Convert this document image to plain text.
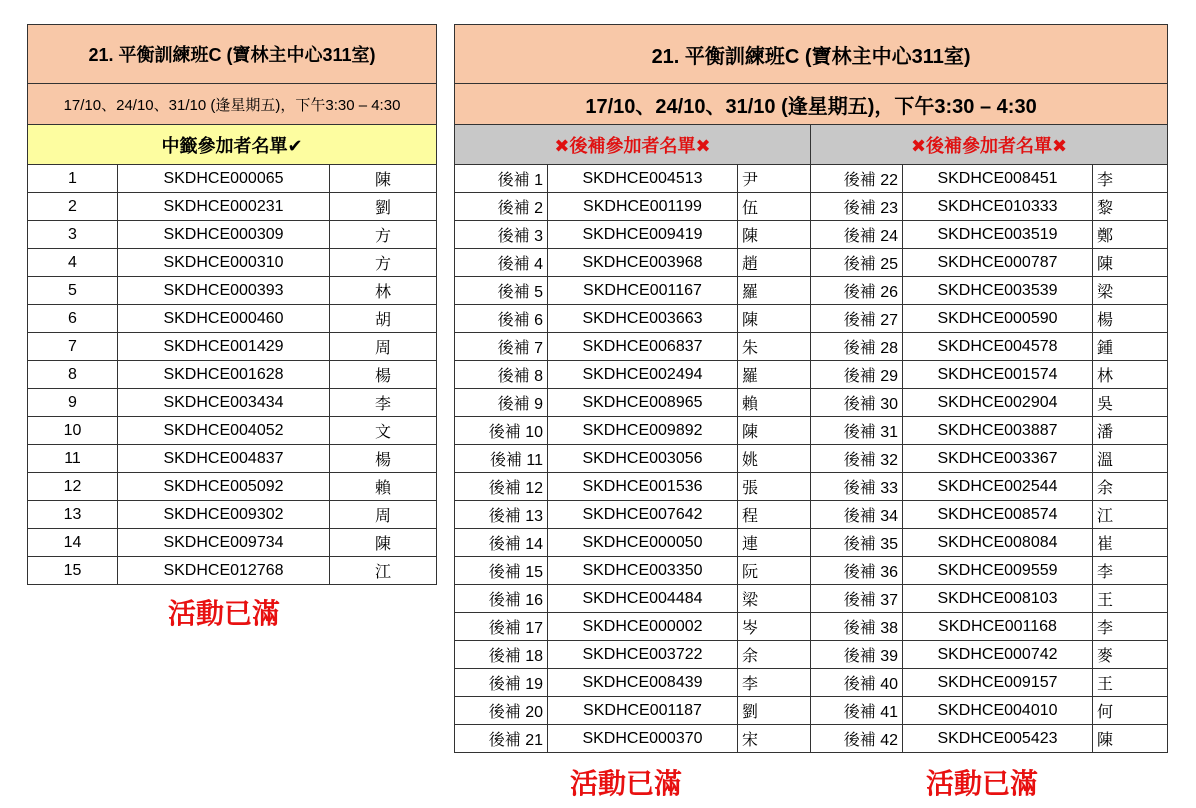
21. 平衡訓練班C (寶林主中心311室)		
17/10、24/10、31/10 (逢星期五)，下午3:30 – 4:30		
中籤參加者名單✔		
1	SKDHCE000065	陳
2	SKDHCE000231	劉
3	SKDHCE000309	方
4	SKDHCE000310	方
5	SKDHCE000393	林
6	SKDHCE000460	胡
7	SKDHCE001429	周
8	SKDHCE001628	楊
9	SKDHCE003434	李
10	SKDHCE004052	文
11	SKDHCE004837	楊
12	SKDHCE005092	賴
13	SKDHCE009302	周
14	SKDHCE009734	陳
15	SKDHCE012768	江
活動已滿
21. 平衡訓練班C (寶林主中心311室)					
17/10、24/10、31/10 (逢星期五)，下午3:30 – 4:30					
✖後補參加者名單✖			✖後補參加者名單✖		
後補 1	SKDHCE004513	尹	後補 22	SKDHCE008451	李
後補 2	SKDHCE001199	伍	後補 23	SKDHCE010333	黎
後補 3	SKDHCE009419	陳	後補 24	SKDHCE003519	鄭
後補 4	SKDHCE003968	趙	後補 25	SKDHCE000787	陳
後補 5	SKDHCE001167	羅	後補 26	SKDHCE003539	梁
後補 6	SKDHCE003663	陳	後補 27	SKDHCE000590	楊
後補 7	SKDHCE006837	朱	後補 28	SKDHCE004578	鍾
後補 8	SKDHCE002494	羅	後補 29	SKDHCE001574	林
後補 9	SKDHCE008965	賴	後補 30	SKDHCE002904	吳
後補 10	SKDHCE009892	陳	後補 31	SKDHCE003887	潘
後補 11	SKDHCE003056	姚	後補 32	SKDHCE003367	溫
後補 12	SKDHCE001536	張	後補 33	SKDHCE002544	余
後補 13	SKDHCE007642	程	後補 34	SKDHCE008574	江
後補 14	SKDHCE000050	連	後補 35	SKDHCE008084	崔
後補 15	SKDHCE003350	阮	後補 36	SKDHCE009559	李
後補 16	SKDHCE004484	梁	後補 37	SKDHCE008103	王
後補 17	SKDHCE000002	岑	後補 38	SKDHCE001168	李
後補 18	SKDHCE003722	余	後補 39	SKDHCE000742	麥
後補 19	SKDHCE008439	李	後補 40	SKDHCE009157	王
後補 20	SKDHCE001187	劉	後補 41	SKDHCE004010	何
後補 21	SKDHCE000370	宋	後補 42	SKDHCE005423	陳
活動已滿	活動已滿
